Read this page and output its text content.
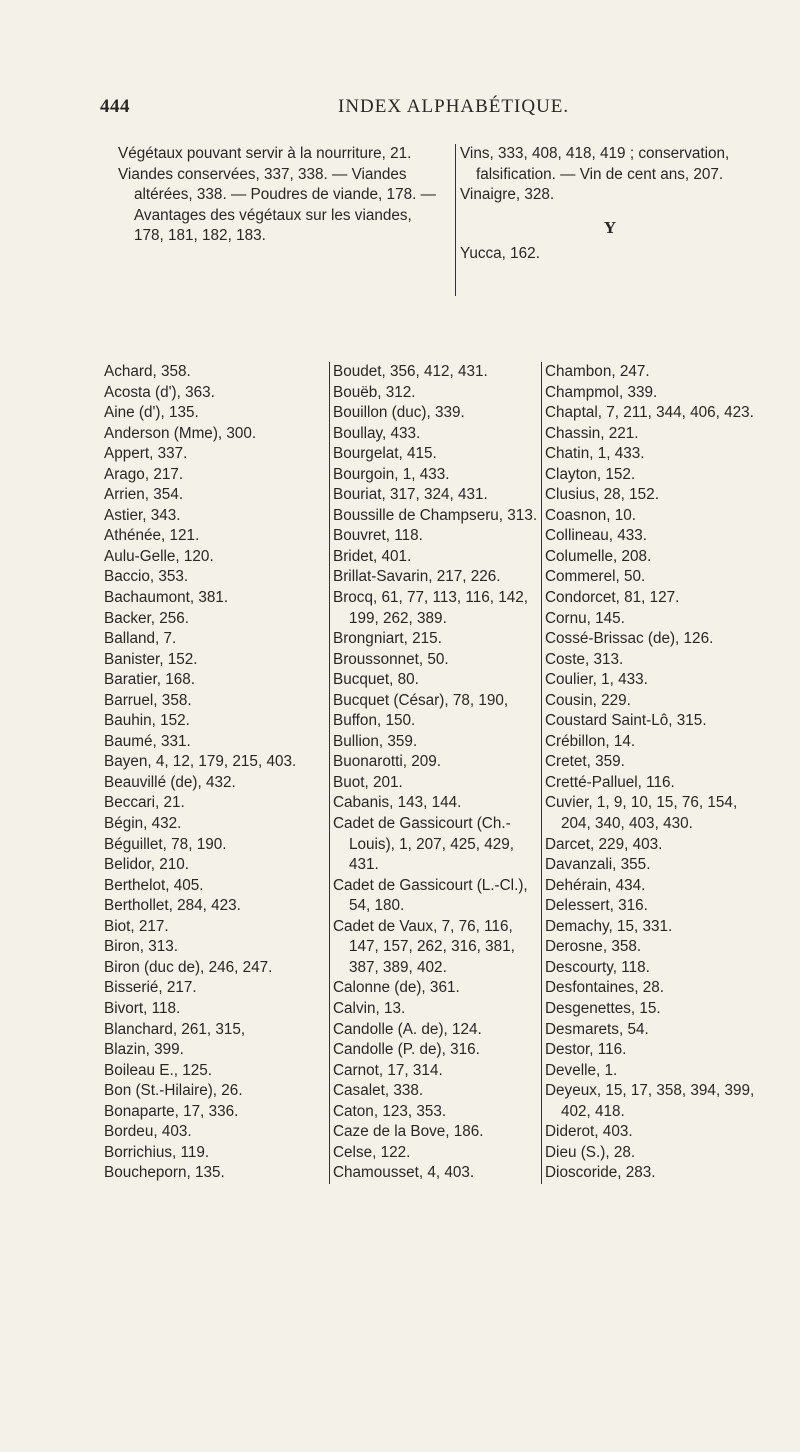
444	INDEX ALPHABÉTIQUE.

Végétaux pouvant servir à la nourriture, 21.

Viandes conservées, 337, 338. — Viandes altérées, 338. — Poudres de viande, 178. — Avantages des végétaux sur les viandes, 178, 181, 182, 183.

Vins, 333, 408, 418, 419 ; conservation, falsification. — Vin de cent ans, 207.

Vinaigre, 328.

Y

Yucca, 162.

Achard, 358.

Acosta (d'), 363.

Aine (d'), 135.

Anderson (Mme), 300.

Appert, 337.

Arago, 217.

Arrien, 354.

Astier, 343.

Athénée, 121.

Aulu-Gelle, 120.

Baccio, 353.

Bachaumont, 381.

Backer, 256.

Balland, 7.

Banister, 152.

Baratier, 168.

Barruel, 358.

Bauhin, 152.

Baumé, 331.

Bayen, 4, 12, 179, 215, 403.

Beauvillé (de), 432.

Beccari, 21.

Bégin, 432.

Béguillet, 78, 190.

Belidor, 210.

Berthelot, 405.

Berthollet, 284, 423.

Biot, 217.

Biron, 313.

Biron (duc de), 246, 247.

Bisserié, 217.

Bivort, 118.

Blanchard, 261, 315,

Blazin, 399.

Boileau E., 125.

Bon (St.-Hilaire), 26.

Bonaparte, 17, 336.

Bordeu, 403.

Borrichius, 119.

Boucheporn, 135.

Boudet, 356, 412, 431.

Bouëb, 312.

Bouillon (duc), 339.

Boullay, 433.

Bourgelat, 415.

Bourgoin, 1, 433.

Bouriat, 317, 324, 431.

Boussille de Champseru, 313.

Bouvret, 118.

Bridet, 401.

Brillat-Savarin, 217, 226.

Brocq, 61, 77, 113, 116, 142, 199, 262, 389.

Brongniart, 215.

Broussonnet, 50.

Bucquet, 80.

Bucquet (César), 78, 190,

Buffon, 150.

Bullion, 359.

Buonarotti, 209.

Buot, 201.

Cabanis, 143, 144.

Cadet de Gassicourt (Ch.-Louis), 1, 207, 425, 429, 431.

Cadet de Gassicourt (L.-Cl.), 54, 180.

Cadet de Vaux, 7, 76, 116, 147, 157, 262, 316, 381, 387, 389, 402.

Calonne (de), 361.

Calvin, 13.

Candolle (A. de), 124.

Candolle (P. de), 316.

Carnot, 17, 314.

Casalet, 338.

Caton, 123, 353.

Caze de la Bove, 186.

Celse, 122.

Chamousset, 4, 403.

Chambon, 247.

Champmol, 339.

Chaptal, 7, 211, 344, 406, 423.

Chassin, 221.

Chatin, 1, 433.

Clayton, 152.

Clusius, 28, 152.

Coasnon, 10.

Collineau, 433.

Columelle, 208.

Commerel, 50.

Condorcet, 81, 127.

Cornu, 145.

Cossé-Brissac (de), 126.

Coste, 313.

Coulier, 1, 433.

Cousin, 229.

Coustard Saint-Lô, 315.

Crébillon, 14.

Cretet, 359.

Cretté-Palluel, 116.

Cuvier, 1, 9, 10, 15, 76, 154, 204, 340, 403, 430.

Darcet, 229, 403.

Davanzali, 355.

Dehérain, 434.

Delessert, 316.

Demachy, 15, 331.

Derosne, 358.

Descourty, 118.

Desfontaines, 28.

Desgenettes, 15.

Desmarets, 54.

Destor, 116.

Develle, 1.

Deyeux, 15, 17, 358, 394, 399, 402, 418.

Diderot, 403.

Dieu (S.), 28.

Dioscoride, 283.
